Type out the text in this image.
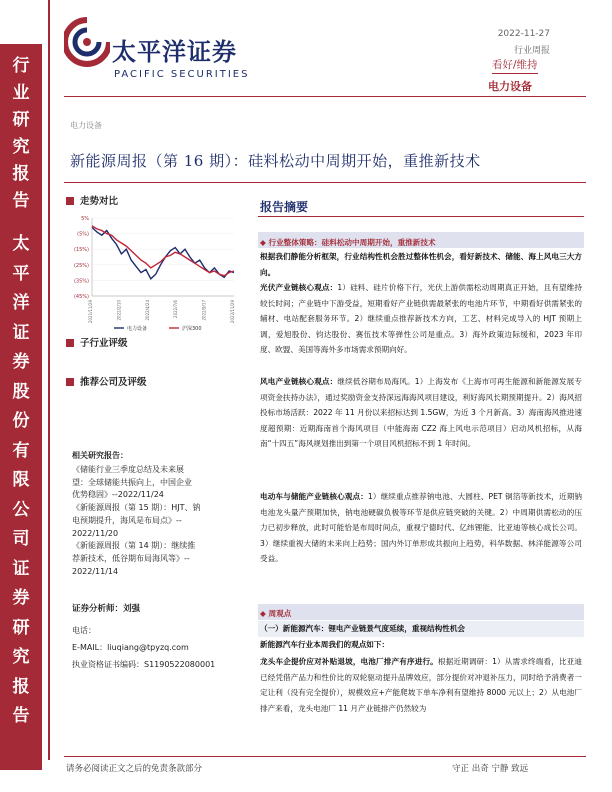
行
业
研
究
报
告
太
平
洋
证
券
股
份
有
限
公
司
证
券
研
究
报
告
太平洋证券
PACIFIC SECURITIES
2022-11-27
行业周报
看好/维持
电力设备
电力设备
新能源周报（第 16 期）：硅料松动中周期开始，重推新技术
走势对比
5%
(5%)
(15%)
(25%)
(35%)
(45%)
2021/11/29	2022/2/10	2022/4/24	2022/7/6	2022/9/17	2022/11/29
电力设备	沪深300
子行业评级
推荐公司及评级
相关研究报告：
《储能行业三季度总结及未来展
望：全球储能共振向上，中国企业
优势稳固》--2022/11/24
《新能源周报（第 15 期）：HJT、钠
电预期提升，海风是布局点》--
2022/11/20
《新能源周报（第 14 期）：继续推
荐新技术，低谷期布局海风等》--
2022/11/14
证券分析师：刘强
电话：
E-MAIL：liuqiang@tpyzq.com
执业资格证书编码：S1190522080001
报告摘要
◆ 行业整体策略：硅料松动中周期开始，重推新技术
根据我们静能分析框架，行业结构性机会胜过整体性机会，看好新技术、储能、海上风电三大方向。
光伏产业链核心观点：1）硅料、硅片价格下行，光伏上游供需松动周期真正开始，且有望维持较长时间；产业链中下游受益，短期看好产业链供需最紧张的电池片环节，中期看好供需紧张的辅材、电站配套服务环节。2）继续重点推荐新技术方向，工艺、材料完成导入的 HJT 预期上调，爱旭股份、钧达股份、赛伍技术等弹性公司是重点。3）海外政策边际缓和，2023 年印度、欧盟、美国等海外多市场需求预期向好。
风电产业链核心观点：继续低谷期布局海风。1）上海发布《上海市可再生能源和新能源发展专项资金扶持办法》，通过奖励资金支持深远海海风项目建设，利好海风长期预期提升。2）海风招投标市场活跃：2022 年 11 月份以来招标达到 1.5GW，为近 3 个月新高。3）海南海风推进速度超预期：近期海南首个海风项目（中能海南 CZ2 海上风电示范项目）启动风机招标，从海南“十四五”海风规划推出到第一个项目风机招标不到 1 年时间。
电动车与储能产业链核心观点：1）继续重点推荐钠电池、大圆柱、PET 铜箔等新技术，近期钠电池龙头量产预期加快，钠电池硬碳负极等环节是供应链突破的关键。2）中周期供需松动的压力已初步释放，此时可能恰是布局时间点，重视宁德时代、亿纬锂能、比亚迪等核心成长公司。3）继续重视大储的未来向上趋势；国内外订单形成共振向上趋势，科华数据、林洋能源等公司受益。
◆ 周观点
（一）新能源汽车：锂电产业链景气度延续，重视结构性机会
新能源汽车行业本周我们的观点如下：
龙头车企提价应对补贴退坡，电池厂排产有序进行。根据近期调研：1）从需求终端看，比亚迪已经凭借产品力和性价比的双轮驱动提升品牌效应，部分提价对冲退补压力，同时给予消费者一定让利（没有完全提价），规模效应+产能爬坡下单车净利有望维持 8000 元以上；2）从电池厂排产来看，龙头电池厂 11 月产业链排产仍然较为
请务必阅读正文之后的免责条款部分	守正 出奇 宁静 致远
